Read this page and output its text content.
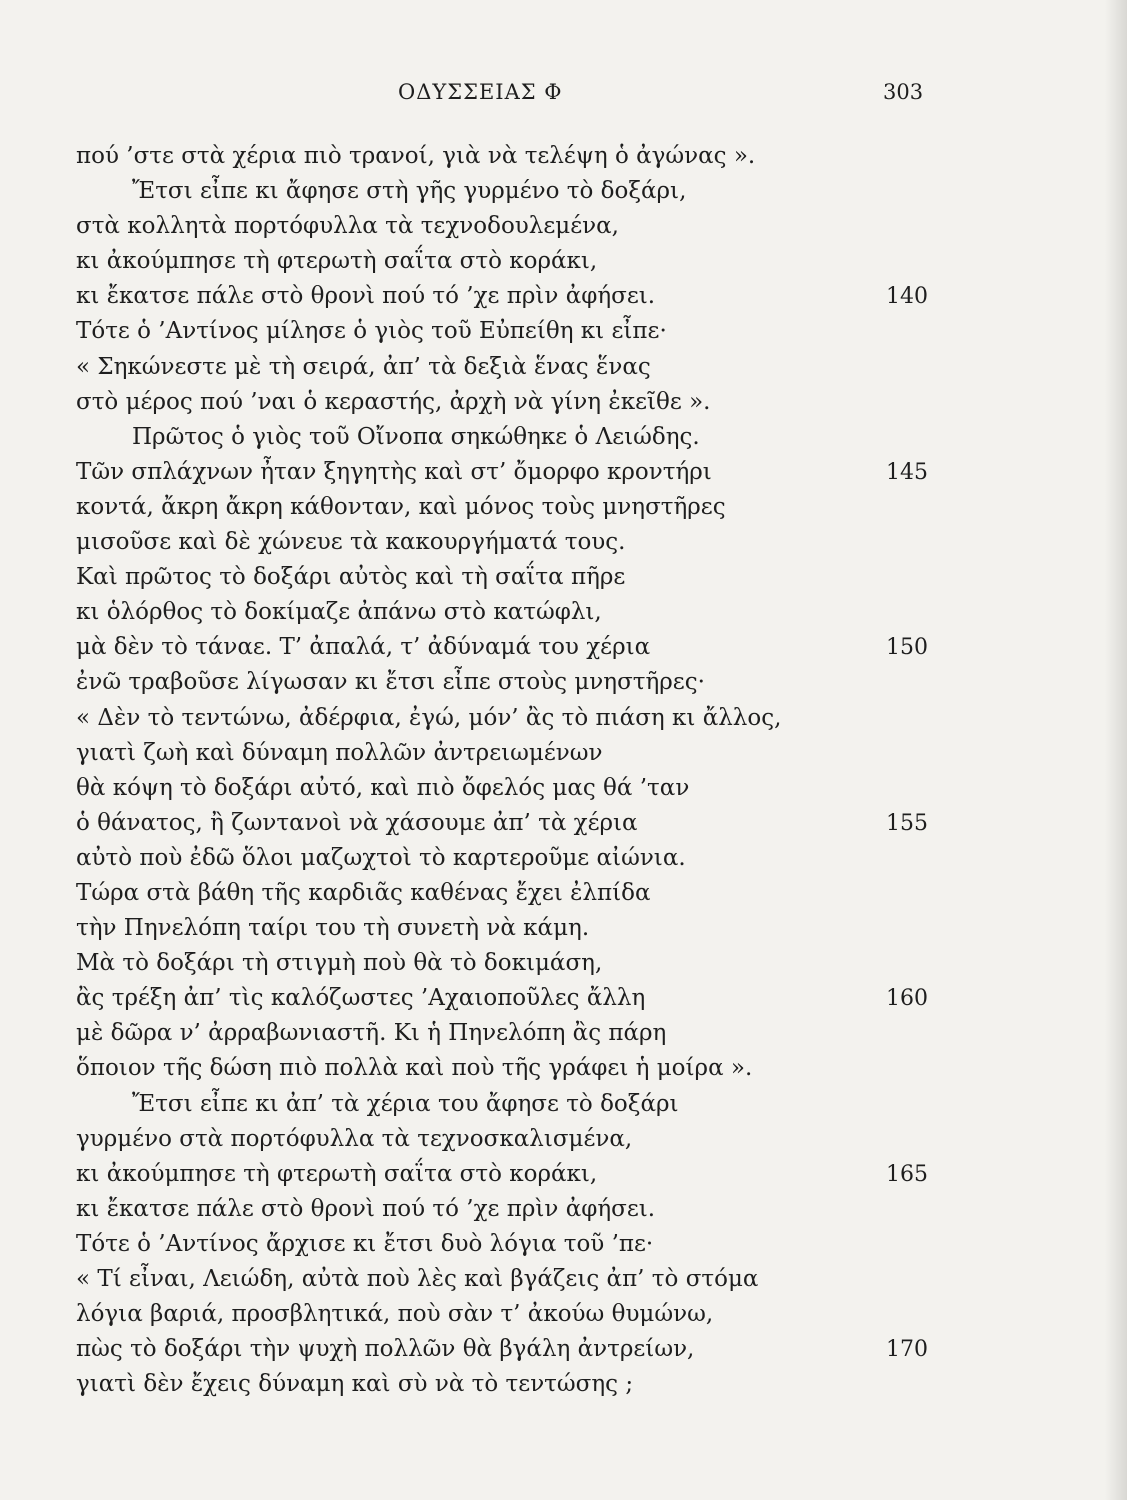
ΟΔΥΣΣΕΙΑΣ Φ	303
πού ’στε στὰ χέρια πιὸ τρανοί, γιὰ νὰ τελέψη ὁ ἀγώνας ».
Ἔτσι εἶπε κι ἄφησε στὴ γῆς γυρμένο τὸ δοξάρι,
στὰ κολλητὰ πορτόφυλλα τὰ τεχνοδουλεμένα,
κι ἀκούμπησε τὴ φτερωτὴ σαΐτα στὸ κοράκι,
κι ἔκατσε πάλε στὸ θρονὶ πού τό ’χε πρὶν ἀφήσει.	140
Τότε ὁ ’Αντίνος μίλησε ὁ γιὸς τοῦ Εὐπείθη κι εἶπε·
« Σηκώνεστε μὲ τὴ σειρά, ἀπ’ τὰ δεξιὰ ἕνας ἕνας
στὸ μέρος πού ’ναι ὁ κεραστής, ἀρχὴ νὰ γίνη ἐκεῖθε ».
Πρῶτος ὁ γιὸς τοῦ Οἴνοπα σηκώθηκε ὁ Λειώδης.
Τῶν σπλάχνων ἦταν ξηγητὴς καὶ στ’ ὄμορφο κροντήρι	145
κοντά, ἄκρη ἄκρη κάθονταν, καὶ μόνος τοὺς μνηστῆρες
μισοῦσε καὶ δὲ χώνευε τὰ κακουργήματά τους.
Καὶ πρῶτος τὸ δοξάρι αὐτὸς καὶ τὴ σαΐτα πῆρε
κι ὁλόρθος τὸ δοκίμαζε ἀπάνω στὸ κατώφλι,
μὰ δὲν τὸ τάναε. Τ’ ἀπαλά, τ’ ἀδύναμά του χέρια	150
ἐνῶ τραβοῦσε λίγωσαν κι ἔτσι εἶπε στοὺς μνηστῆρες·
« Δὲν τὸ τεντώνω, ἀδέρφια, ἐγώ, μόν’ ἂς τὸ πιάση κι ἄλλος,
γιατὶ ζωὴ καὶ δύναμη πολλῶν ἀντρειωμένων
θὰ κόψη τὸ δοξάρι αὐτό, καὶ πιὸ ὄφελός μας θά ’ταν
ὁ θάνατος, ἢ ζωντανοὶ νὰ χάσουμε ἀπ’ τὰ χέρια	155
αὐτὸ ποὺ ἐδῶ ὅλοι μαζωχτοὶ τὸ καρτεροῦμε αἰώνια.
Τώρα στὰ βάθη τῆς καρδιᾶς καθένας ἔχει ἐλπίδα
τὴν Πηνελόπη ταίρι του τὴ συνετὴ νὰ κάμη.
Μὰ τὸ δοξάρι τὴ στιγμὴ ποὺ θὰ τὸ δοκιμάση,
ἂς τρέξη ἀπ’ τὶς καλόζωστες ’Αχαιοποῦλες ἄλλη	160
μὲ δῶρα ν’ ἀρραβωνιαστῆ. Κι ἡ Πηνελόπη ἂς πάρη
ὅποιον τῆς δώση πιὸ πολλὰ καὶ ποὺ τῆς γράφει ἡ μοίρα ».
Ἔτσι εἶπε κι ἀπ’ τὰ χέρια του ἄφησε τὸ δοξάρι
γυρμένο στὰ πορτόφυλλα τὰ τεχνοσκαλισμένα,
κι ἀκούμπησε τὴ φτερωτὴ σαΐτα στὸ κοράκι,	165
κι ἔκατσε πάλε στὸ θρονὶ πού τό ’χε πρὶν ἀφήσει.
Τότε ὁ ’Αντίνος ἄρχισε κι ἔτσι δυὸ λόγια τοῦ ’πε·
« Τί εἶναι, Λειώδη, αὐτὰ ποὺ λὲς καὶ βγάζεις ἀπ’ τὸ στόμα
λόγια βαριά, προσβλητικά, ποὺ σὰν τ’ ἀκούω θυμώνω,
πὼς τὸ δοξάρι τὴν ψυχὴ πολλῶν θὰ βγάλη ἀντρείων,	170
γιατὶ δὲν ἔχεις δύναμη καὶ σὺ νὰ τὸ τεντώσης ;
